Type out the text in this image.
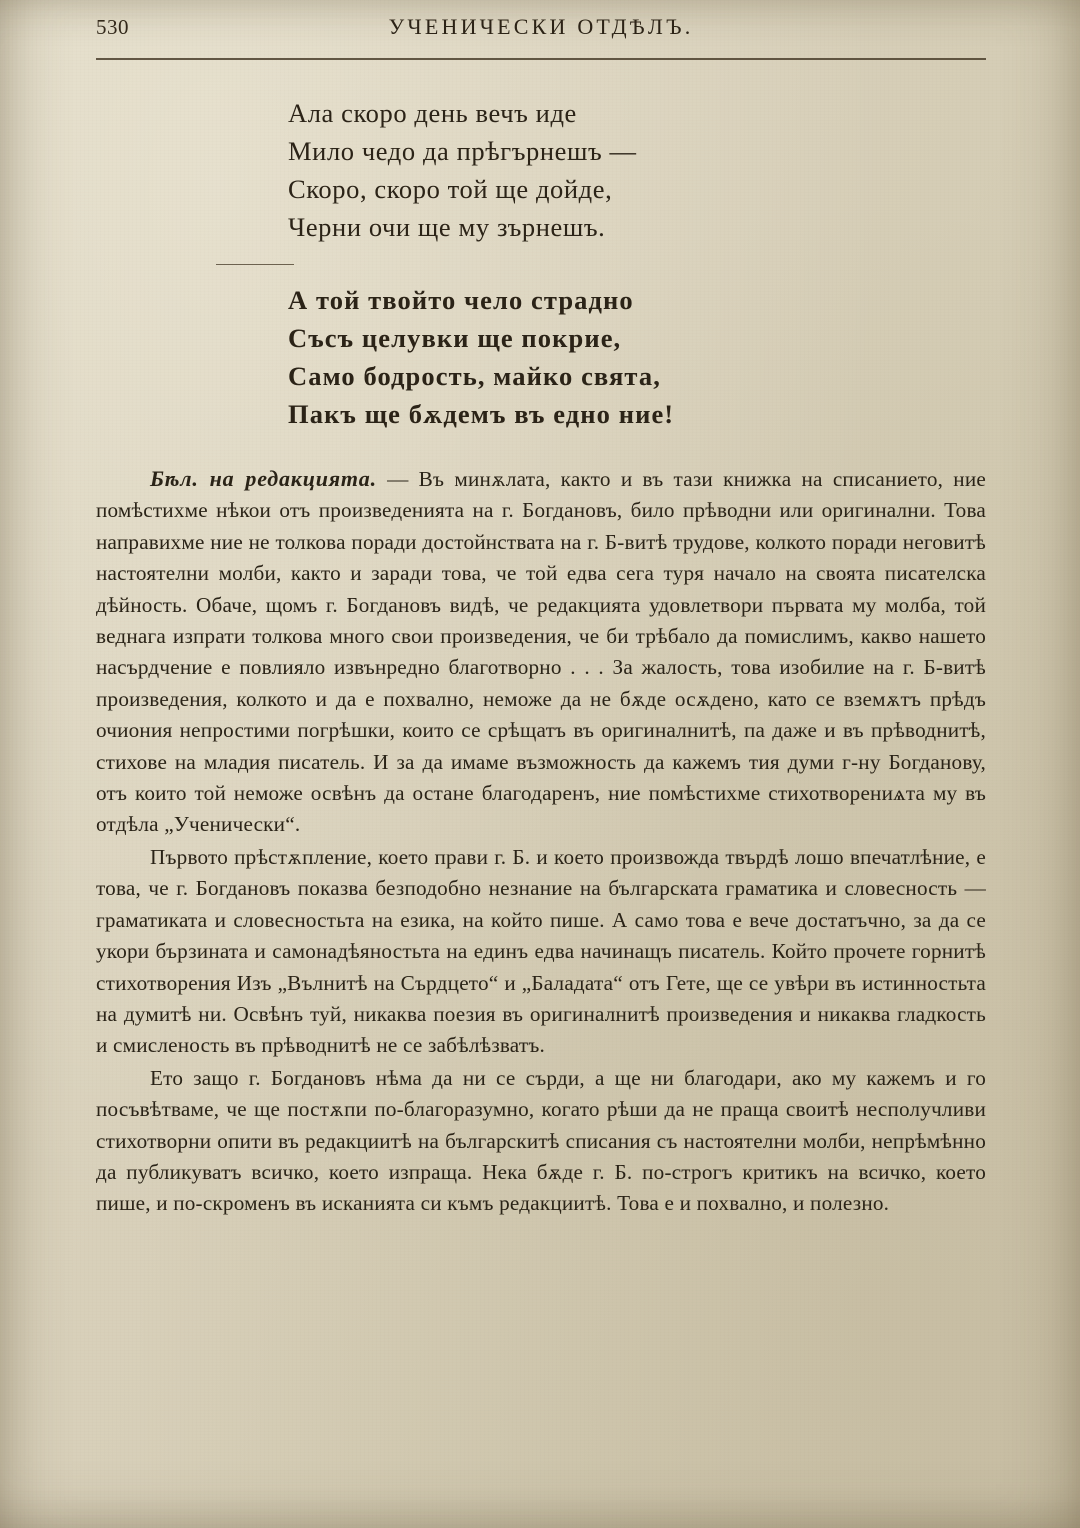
530	УЧЕНИЧЕСКИ ОТДѢЛЪ.
Ала скоро день вечъ иде
Мило чедо да прѣгърнешъ —
Скоро, скоро той ще дойде,
Черни очи ще му зърнешъ.
А той твойто чело страдно
Съсъ целувки ще покрие,
Само бодрость, майко свята,
Пакъ ще бѫдемъ въ едно ние!

Бѣл. на редакцията. — Въ минѫлата, както и въ тази книжка на списанието, ние помѣстихме нѣкои отъ произведенията на г. Богдановъ, било прѣводни или оригинални. Това направихме ние не толкова поради достойнствата на г. Б-витѣ трудове, колкото поради неговитѣ настоятелни молби, както и заради това, че той едва сега туря начало на своята писателска дѣйность. Обаче, щомъ г. Богдановъ видѣ, че редакцията удовлетвори първата му молба, той веднага изпрати толкова много свои произведения, че би трѣбало да помислимъ, какво нашето насърдчение е повлияло извънредно благотворно . . . За жалость, това изобилие на г. Б-витѣ произведения, колкото и да е похвално, неможе да не бѫде осѫдено, като се вземѫтъ прѣдъ очиония непростими погрѣшки, които се срѣщатъ въ оригиналнитѣ, па даже и въ прѣводнитѣ, стихове на младия писатель. И за да имаме възможность да кажемъ тия думи г-ну Богданову, отъ които той неможе освѣнъ да остане благодаренъ, ние помѣстихме стихотворениѧта му въ отдѣла „Ученически“.

Първото прѣстѫпление, което прави г. Б. и което произвожда твърдѣ лошо впечатлѣние, е това, че г. Богдановъ показва безподобно незнание на българската граматика и словесность — граматиката и словесностьта на езика, на който пише. А само това е вече достатъчно, за да се укори бързината и самонадѣяностьта на единъ едва начинащъ писатель. Който прочете горнитѣ стихотворения Изъ „Вълнитѣ на Сърдцето“ и „Баладата“ отъ Гете, ще се увѣри въ истинностьта на думитѣ ни. Освѣнъ туй, никаква поезия въ оригиналнитѣ произведения и никаква гладкость и смисленость въ прѣводнитѣ не се забѣлѣзватъ.

Ето защо г. Богдановъ нѣма да ни се сърди, а ще ни благодари, ако му кажемъ и го посъвѣтваме, че ще постѫпи по-благоразумно, когато рѣши да не праща своитѣ несполучливи стихотворни опити въ редакциитѣ на българскитѣ списания съ настоятелни молби, непрѣмѣнно да публикуватъ всичко, което изпраща. Нека бѫде г. Б. по-строгъ критикъ на всичко, което пише, и по-скроменъ въ исканията си къмъ редакциитѣ. Това е и похвално, и полезно.
